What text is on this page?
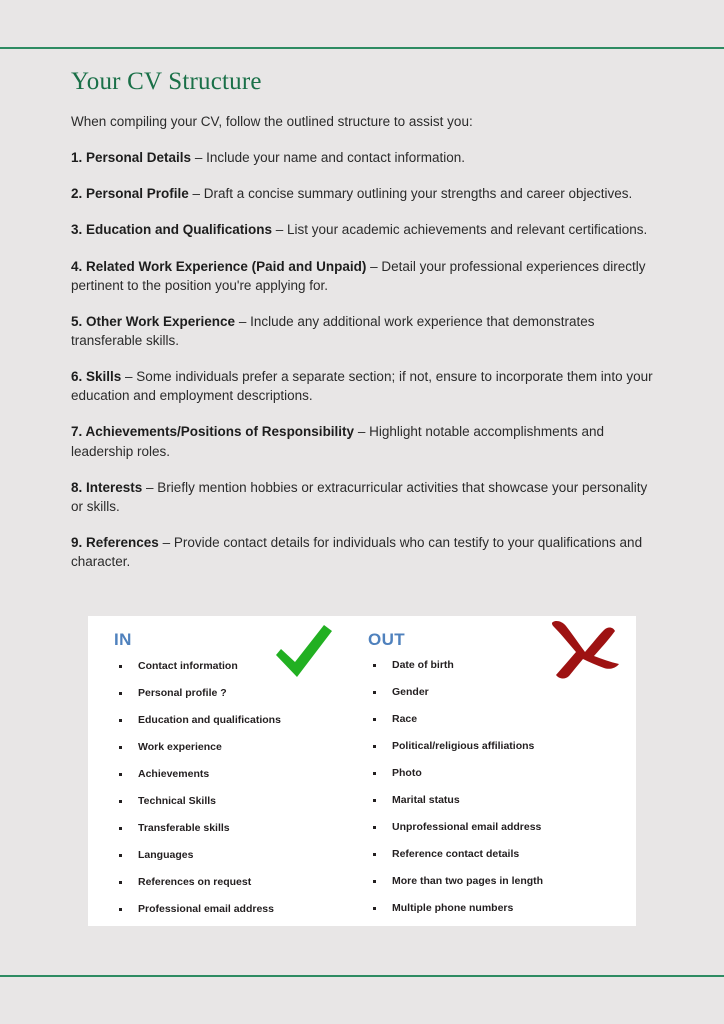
Your CV Structure

When compiling your CV, follow the outlined structure to assist you:

1. Personal Details – Include your name and contact information.

2. Personal Profile – Draft a concise summary outlining your strengths and career objectives.

3. Education and Qualifications – List your academic achievements and relevant certifications.

4. Related Work Experience (Paid and Unpaid) – Detail your professional experiences directly pertinent to the position you're applying for.

5. Other Work Experience – Include any additional work experience that demonstrates transferable skills.

6. Skills – Some individuals prefer a separate section; if not, ensure to incorporate them into your education and employment descriptions.

7. Achievements/Positions of Responsibility – Highlight notable accomplishments and leadership roles.

8. Interests – Briefly mention hobbies or extracurricular activities that showcase your personality or skills.

9. References – Provide contact details for individuals who can testify to your qualifications and character.

IN
Contact information
Personal profile ?
Education and qualifications
Work experience
Achievements
Technical Skills
Transferable skills
Languages
References on request
Professional email address
OUT
Date of birth
Gender
Race
Political/religious affiliations
Photo
Marital status
Unprofessional email address
Reference contact details
More than two pages in length
Multiple phone numbers
